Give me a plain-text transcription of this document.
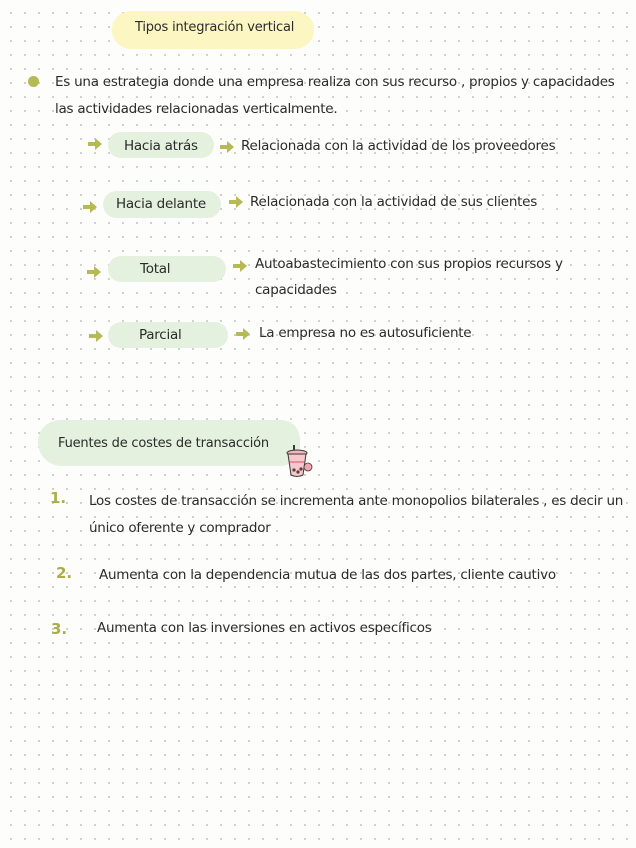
Tipos integración vertical
Es una estrategia donde una empresa realiza con sus recurso , propios y capacidades
las actividades relacionadas verticalmente.
Hacia atrás	Relacionada con la actividad de los proveedores
Hacia delante	Relacionada con la actividad de sus clientes
Total	Autoabastecimiento con sus propios recursos y
capacidades
Parcial	La empresa no es autosuficiente
Fuentes de costes de transacción
1. Los costes de transacción se incrementa ante monopolios bilaterales , es decir un
único oferente y comprador
2. Aumenta con la dependencia mutua de las dos partes, cliente cautivo
3. Aumenta con las inversiones en activos específicos
